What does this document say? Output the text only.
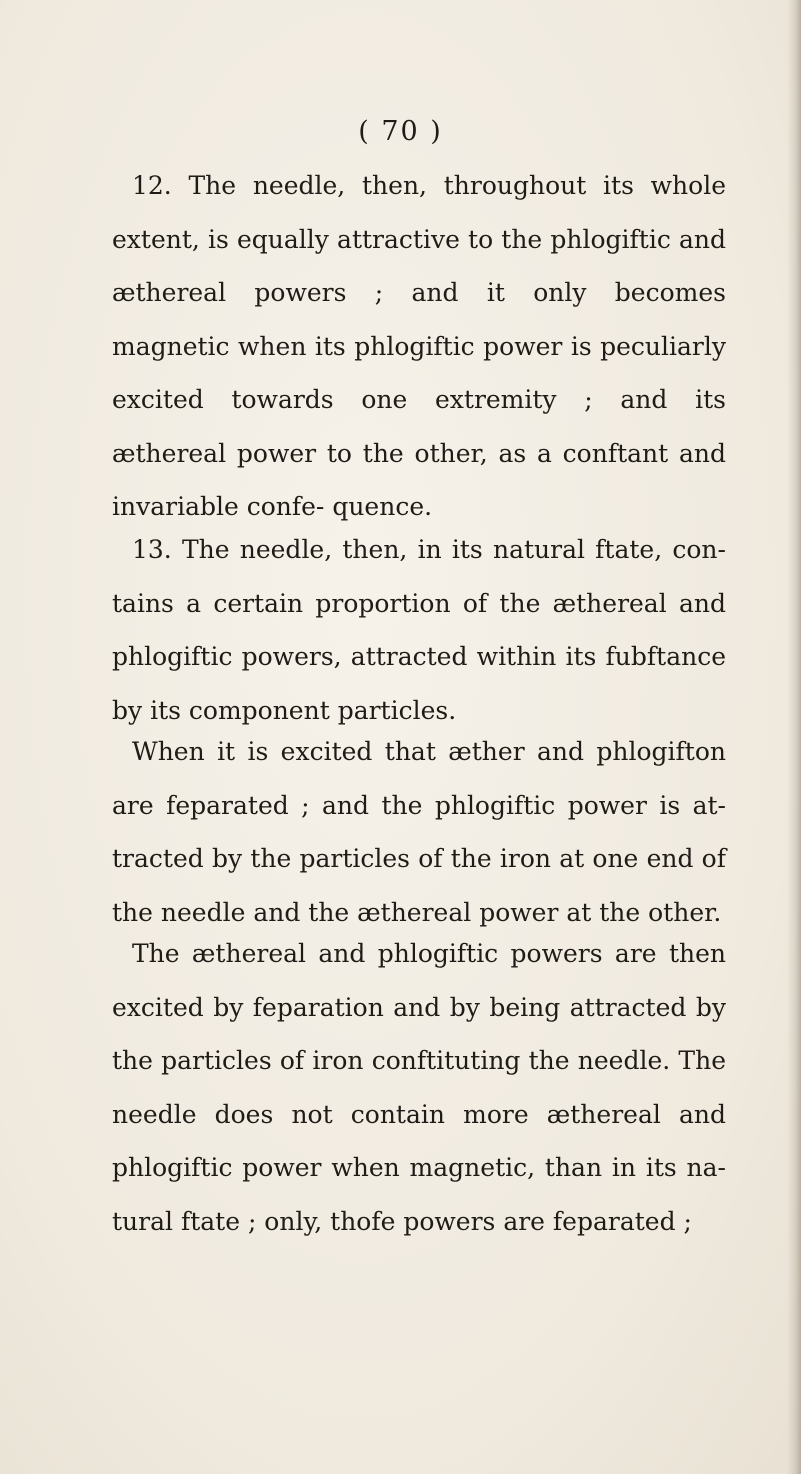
( 70 )

12. The needle, then, throughout its whole extent, is equally attractive to the phlogiftic and æthereal powers ; and it only becomes magnetic when its phlogiftic power is peculiarly excited towards one extremity ; and its æthereal power to the other, as a conftant and invariable confe- quence.

13. The needle, then, in its natural ftate, con- tains a certain proportion of the æthereal and phlogiftic powers, attracted within its fubftance by its component particles.

When it is excited that æther and phlogifton are feparated ; and the phlogiftic power is at- tracted by the particles of the iron at one end of the needle and the æthereal power at the other.

The æthereal and phlogiftic powers are then excited by feparation and by being attracted by the particles of iron conftituting the needle. The needle does not contain more æthereal and phlogiftic power when magnetic, than in its na- tural ftate ; only, thofe powers are feparated ;
